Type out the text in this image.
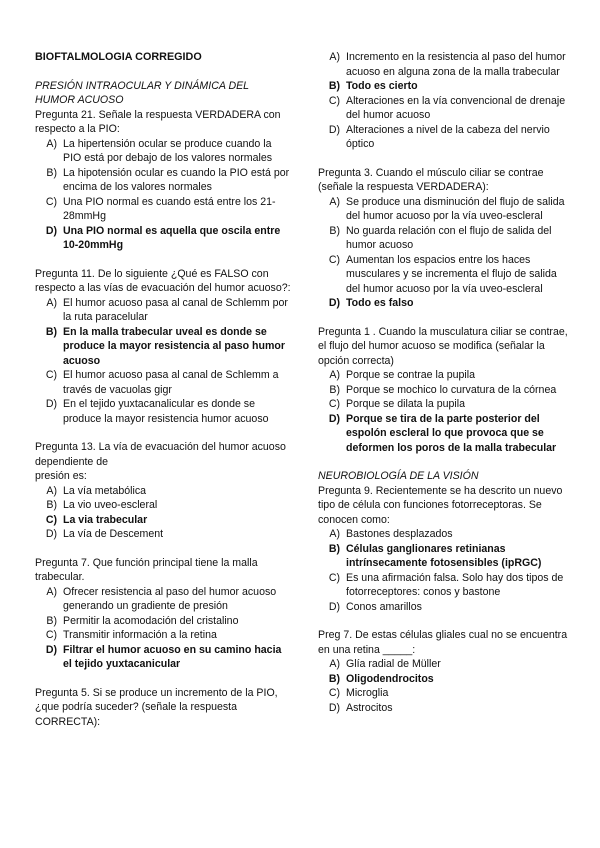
BIOFTALMOLOGIA CORREGIDO
PRESIÓN INTRAOCULAR Y DINÁMICA DEL HUMOR ACUOSO

Pregunta 21. Señale la respuesta VERDADERA con respecto a la PIO:

A) La hipertensión ocular se produce cuando la PIO está por debajo de los valores normales
B) La hipotensión ocular es cuando la PIO está por encima de los valores normales
C) Una PIO normal es cuando está entre los 21-28mmHg
D) Una PIO normal es aquella que oscila entre 10-20mmHg

Pregunta 11. De lo siguiente ¿Qué es FALSO con respecto a las vías de evacuación del humor acuoso?:

A) El humor acuoso pasa al canal de Schlemm por la ruta paracelular
B) En la malla trabecular uveal es donde se produce la mayor resistencia al paso humor acuoso
C) El humor acuoso pasa al canal de Schlemm a través de vacuolas gigr
D) En el tejido yuxtacanalicular es donde se produce la mayor resistencia humor acuoso

Pregunta 13. La vía de evacuación del humor acuoso dependiente de

presión es:

A) La vía metabólica
B) La vio uveo-escleral
C) La via trabecular
D) La vía de Descement

Pregunta 7. Que función principal tiene la malla trabecular.

A) Ofrecer resistencia al paso del humor acuoso generando un gradiente de presión
B) Permitir la acomodación del cristalino
C) Transmitir información a la retina
D) Filtrar el humor acuoso en su camino hacia el tejido yuxtacanicular

Pregunta 5. Si se produce un incremento de la PIO, ¿que podría suceder? (señale la respuesta CORRECTA):

A) Incremento en la resistencia al paso del humor acuoso en alguna zona de la malla trabecular
B) Todo es cierto
C) Alteraciones en la vía convencional de drenaje del humor acuoso
D) Alteraciones a nivel de la cabeza del nervio óptico

Pregunta 3. Cuando el músculo ciliar se contrae (señale la respuesta VERDADERA):

A) Se produce una disminución del flujo de salida del humor acuoso por la vía uveo-escleral
B) No guarda relación con el flujo de salida del humor acuoso
C) Aumentan los espacios entre los haces musculares y se incrementa el flujo de salida del humor acuoso por la vía uveo-escleral
D) Todo es falso

Pregunta 1 . Cuando la musculatura ciliar se contrae, el flujo del humor acuoso se modifica (señalar la opción correcta)

A) Porque se contrae la pupila
B) Porque se mochico lo curvatura de la córnea
C) Porque se dilata la pupila
D) Porque se tira de la parte posterior del espolón escleral lo que provoca que se deformen los poros de la malla trabecular
NEUROBIOLOGÍA DE LA VISIÓN

Pregunta 9. Recientemente se ha descrito un nuevo tipo de célula con funciones fotorreceptoras. Se conocen como:

A) Bastones desplazados
B) Células ganglionares retinianas intrínsecamente fotosensibles (ipRGC)
C) Es una afirmación falsa. Solo hay dos tipos de fotorreceptores: conos y bastone
D) Conos amarillos

Preg 7. De estas células gliales cual no se encuentra en una retina _____:

A) Glía radial de Müller
B) Oligodendrocitos
C) Microglia
D) Astrocitos
